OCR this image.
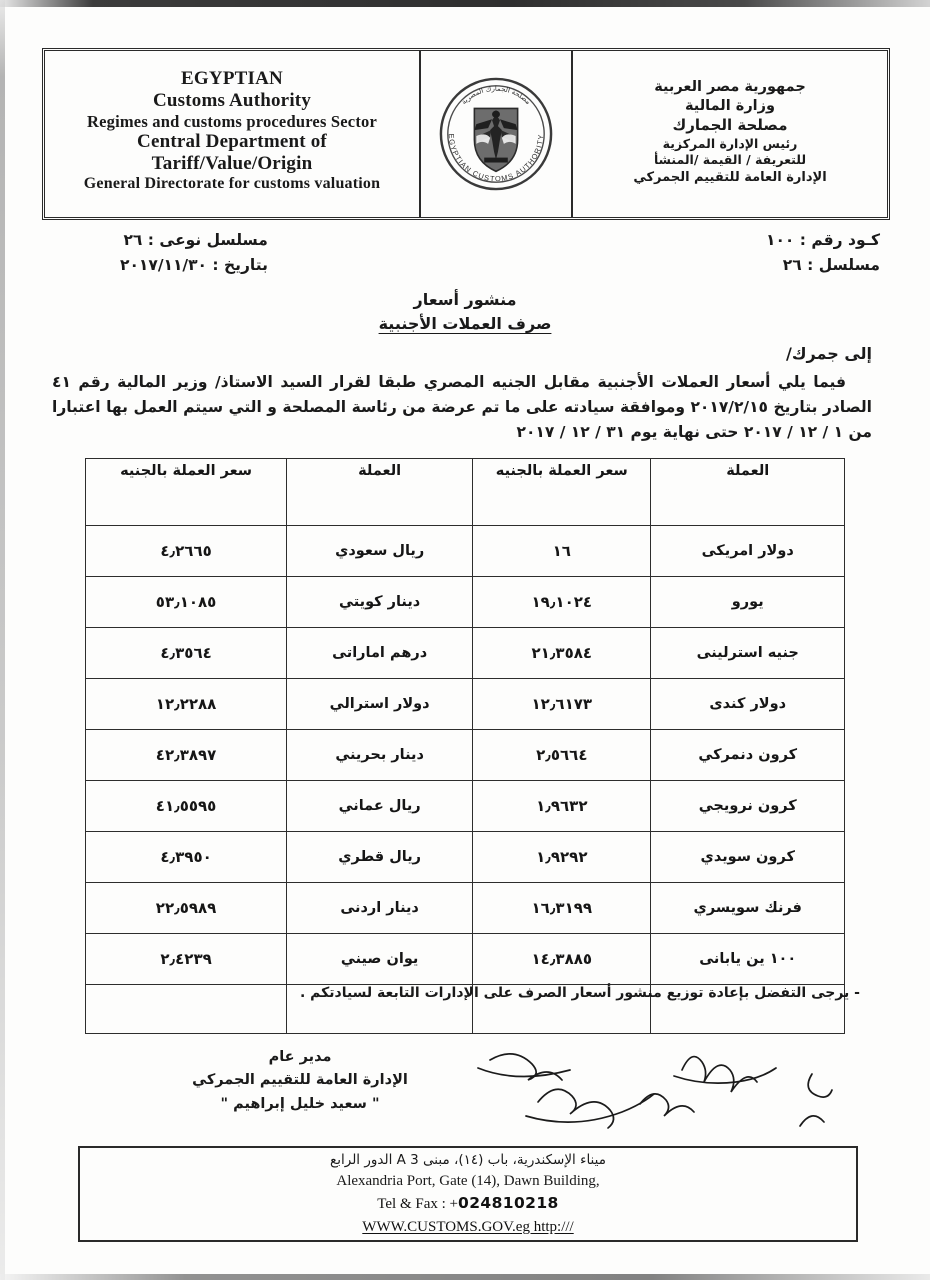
EGYPTIAN
Customs Authority
Regimes and customs procedures Sector
Central Department of
Tariff/Value/Origin
General Directorate for customs valuation
EGYPTIAN CUSTOMS AUTHORITY
مصلحة الجمارك المصرية
جمهورية مصر العربية
وزارة المالية
مصلحة الجمارك
رئيس الإدارة المركزية
للتعريفة / القيمة /المنشأ
الإدارة العامة للتقييم الجمركي
كـود رقم : ١٠٠
مسلسل : ٢٦
مسلسل نوعى : ٢٦
بتاريخ : ٢٠١٧/١١/٣٠
منشور أسعار
صرف العملات الأجنبية
إلى جمرك/
فيما يلي أسعار العملات الأجنبية مقابل الجنيه المصري طبقا لقرار السيد الاستاذ/ وزير المالية رقم ٤١ الصادر بتاريخ ٢٠١٧/٢/١٥ وموافقة سيادته على ما تم عرضة من رئاسة المصلحة و التي سيتم العمل بها اعتبارا من ١ / ١٢ / ٢٠١٧ حتى نهاية يوم ٣١ / ١٢ / ٢٠١٧
العملة	سعر العملة بالجنيه	العملة	سعر العملة بالجنيه
دولار امريكى	١٦	ريال سعودي	٤٫٢٦٦٥
يورو	١٩٫١٠٢٤	دينار كويتي	٥٣٫١٠٨٥
جنيه استرلينى	٢١٫٣٥٨٤	درهم اماراتى	٤٫٣٥٦٤
دولار كندى	١٢٫٦١٧٣	دولار استرالي	١٢٫٢٢٨٨
كرون دنمركي	٢٫٥٦٦٤	دينار بحريني	٤٢٫٣٨٩٧
كرون نرويجي	١٫٩٦٣٢	ريال عماني	٤١٫٥٥٩٥
كرون سويدي	١٫٩٢٩٢	ريال قطري	٤٫٣٩٥٠
فرنك سويسري	١٦٫٣١٩٩	دينار اردنى	٢٢٫٥٩٨٩
١٠٠ ين يابانى	١٤٫٣٨٨٥	يوان صيني	٢٫٤٢٣٩

- يرجى التفضل بإعادة توزيع منشور أسعار الصرف على الإدارات التابعة لسيادتكم .
مدير عام
الإدارة العامة للتقييم الجمركي
" سعيد خليل إبراهيم "
ميناء الإسكندرية، باب (١٤)، مبنى 3 A الدور الرابع
Alexandria Port, Gate (14), Dawn Building,
Tel & Fax : +024810218
WWW.CUSTOMS.GOV.eg http:///
